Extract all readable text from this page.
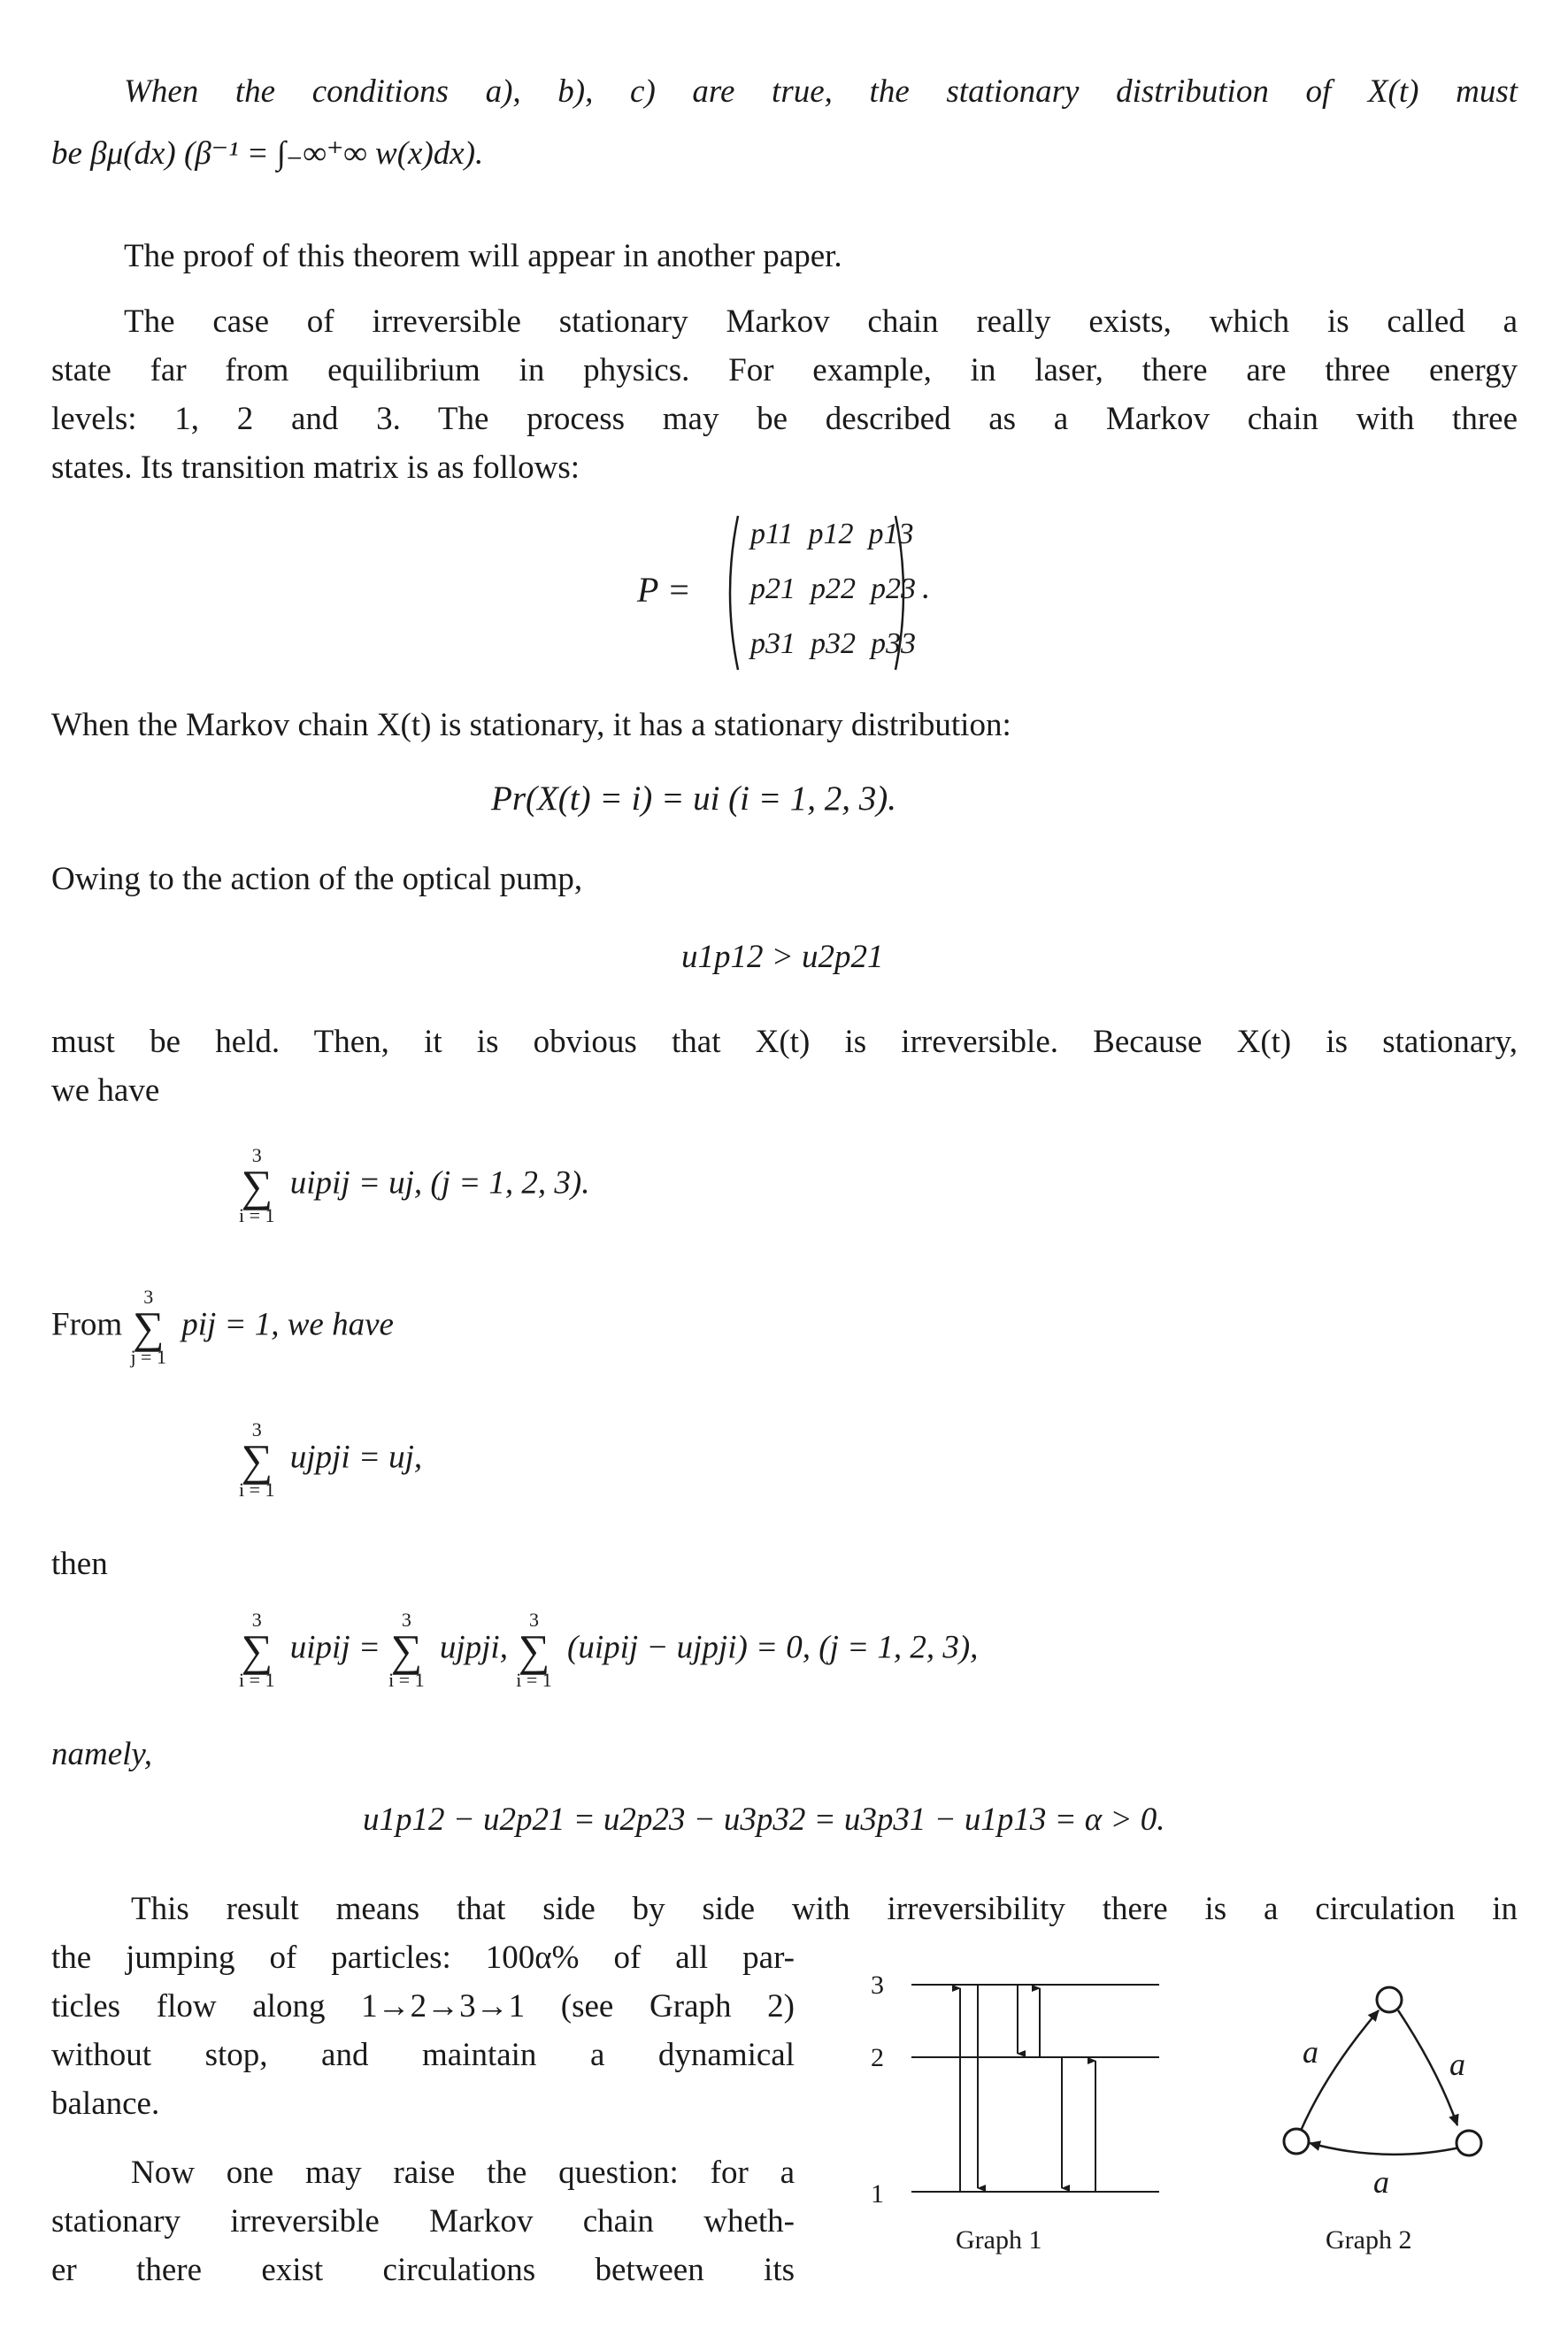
When the conditions a), b), c) are true, the stationary distribution of X(t) must

be βμ(dx) (β⁻¹ = ∫₋∞⁺∞ w(x)dx).

The proof of this theorem will appear in another paper.

The case of irreversible stationary Markov chain really exists, which is called a

state far from equilibrium in physics. For example, in laser, there are three energy

levels: 1, 2 and 3. The process may be described as a Markov chain with three

states. Its transition matrix is as follows:

P =
p11 p12 p13
p21 p22 p23
p31 p32 p33
.

When the Markov chain X(t) is stationary, it has a stationary distribution:

Pr(X(t) = i) = ui (i = 1, 2, 3).

Owing to the action of the optical pump,

u1p12 > u2p21

must be held. Then, it is obvious that X(t) is irreversible. Because X(t) is stationary,

we have

3
∑
i = 1
uipij = uj, (j = 1, 2, 3).
From
3
∑
j = 1
pij = 1, we have
3
∑
i = 1
ujpji = uj,

then

3
∑
i = 1
uipij =
3
∑
i = 1
ujpji,
3
∑
i = 1
(uipij − ujpji) = 0, (j = 1, 2, 3),

namely,

u1p12 − u2p21 = u2p23 − u3p32 = u3p31 − u1p13 = α > 0.

This result means that side by side with irreversibility there is a circulation in

the jumping of particles: 100α% of all par-

ticles flow along 1→2→3→1 (see Graph 2)

without stop, and maintain a dynamical

balance.

Now one may raise the question: for a

stationary irreversible Markov chain wheth-

er there exist circulations between its

3
2
1
Graph 1
a	a
a
Graph 2
